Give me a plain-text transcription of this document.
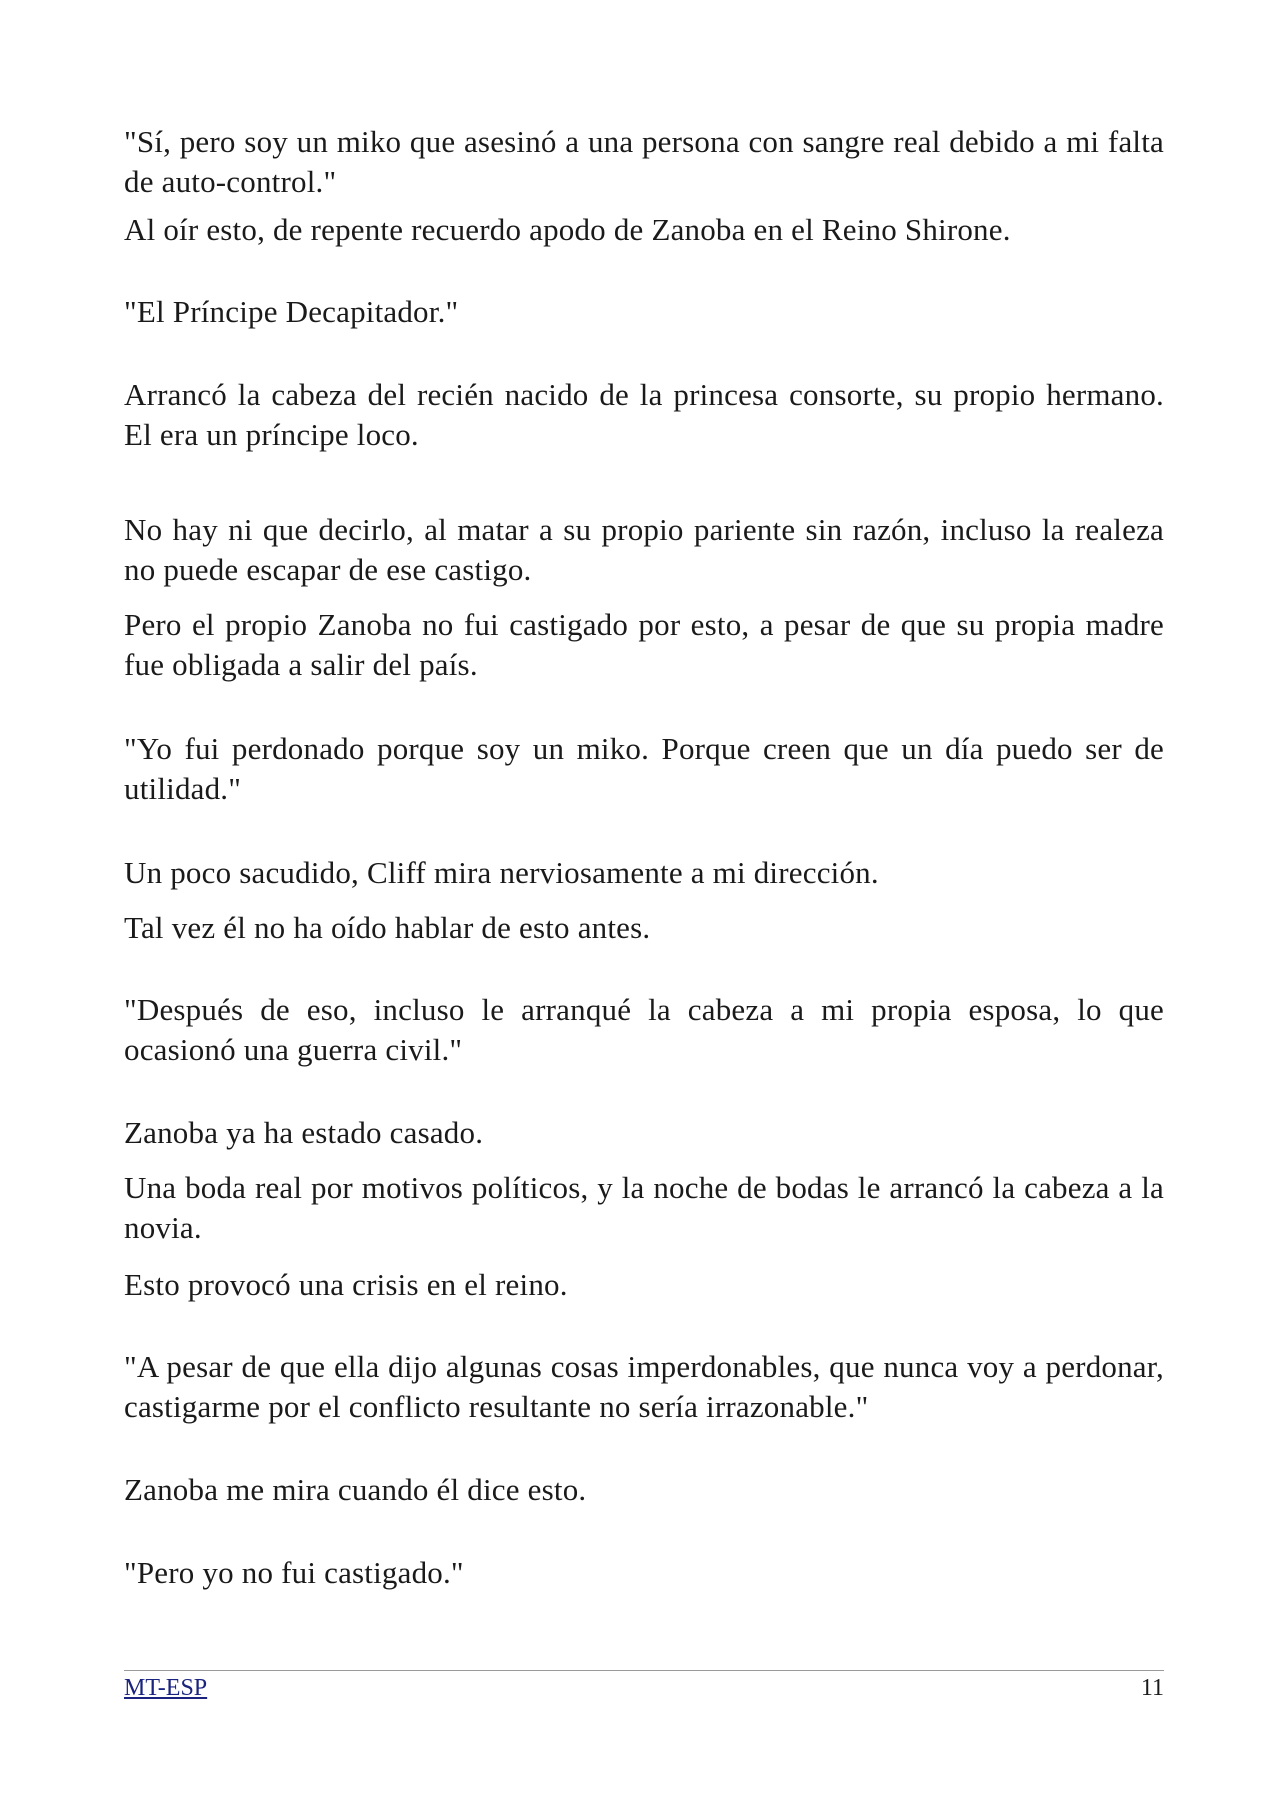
"Sí, pero soy un miko que asesinó a una persona con sangre real debido a mi falta de auto-control."
Al oír esto, de repente recuerdo apodo de Zanoba en el Reino Shirone.
"El Príncipe Decapitador."
Arrancó la cabeza del recién nacido de la princesa consorte, su propio hermano. El era un príncipe loco.
No hay ni que decirlo, al matar a su propio pariente sin razón, incluso la realeza no puede escapar de ese castigo.
Pero el propio Zanoba no fui castigado por esto, a pesar de que su propia madre fue obligada a salir del país.
"Yo fui perdonado porque soy un miko. Porque creen que un día puedo ser de utilidad."
Un poco sacudido, Cliff mira nerviosamente a mi dirección.
Tal vez él no ha oído hablar de esto antes.
"Después de eso, incluso le arranqué la cabeza a mi propia esposa, lo que ocasionó una guerra civil."
Zanoba ya ha estado casado.
Una boda real por motivos políticos, y la noche de bodas le arrancó la cabeza a la novia.
Esto provocó una crisis en el reino.
"A pesar de que ella dijo algunas cosas imperdonables, que nunca voy a perdonar, castigarme por el conflicto resultante no sería irrazonable."
Zanoba me mira cuando él dice esto.
"Pero yo no fui castigado."
MT-ESP	11
